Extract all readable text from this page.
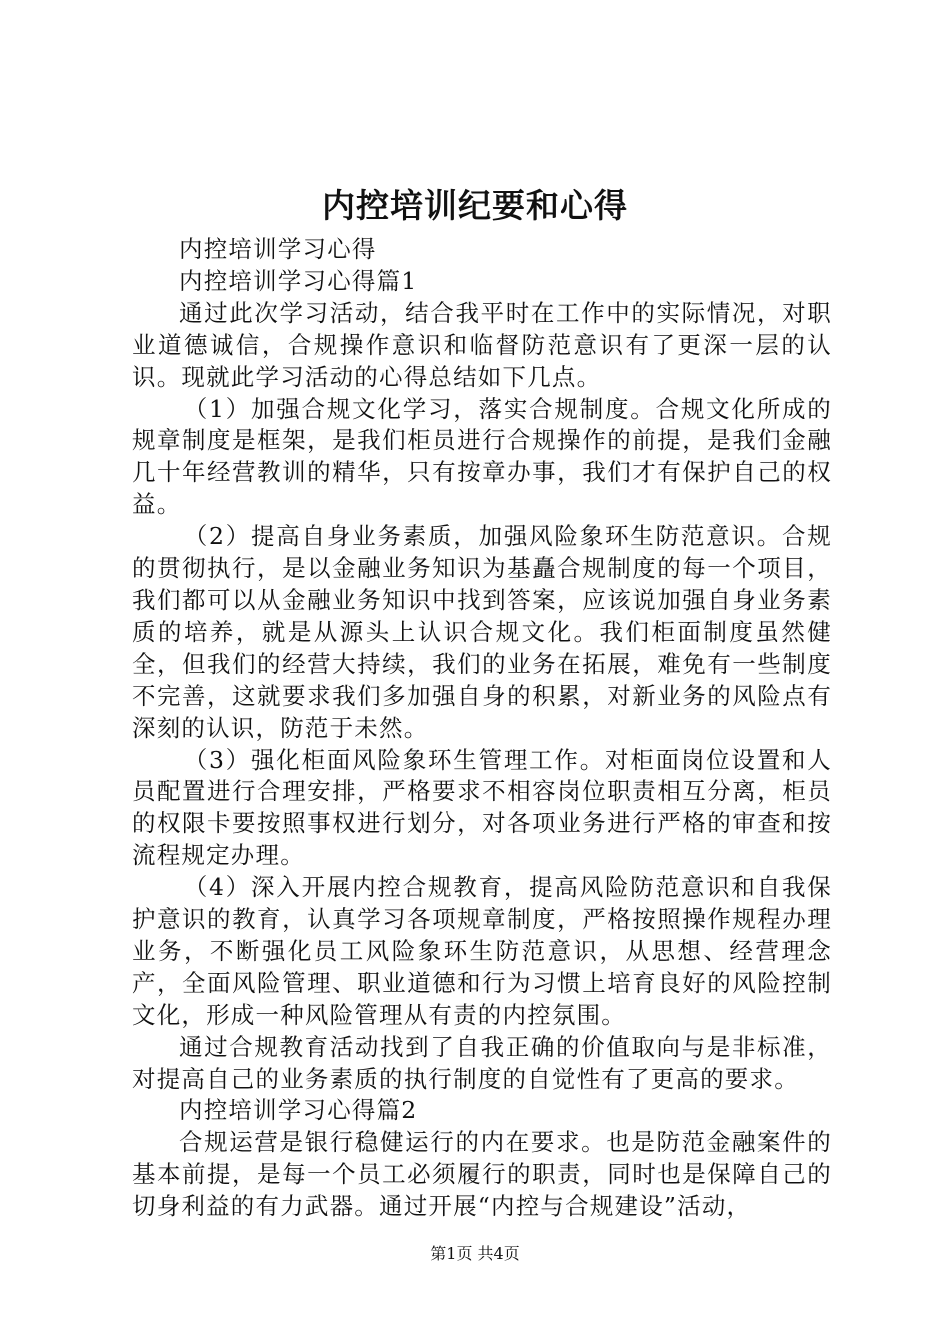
内控培训纪要和心得

内控培训学习心得

内控培训学习心得篇1

通过此次学习活动，结合我平时在工作中的实际情况，对职业道德诚信，合规操作意识和临督防范意识有了更深一层的认识。现就此学习活动的心得总结如下几点。

（1）加强合规文化学习，落实合规制度。合规文化所成的规章制度是框架，是我们柜员进行合规操作的前提，是我们金融几十年经营教训的精华，只有按章办事，我们才有保护自己的权益。

（2）提高自身业务素质，加强风险象环生防范意识。合规的贯彻执行，是以金融业务知识为基矗合规制度的每一个项目，我们都可以从金融业务知识中找到答案，应该说加强自身业务素质的培养，就是从源头上认识合规文化。我们柜面制度虽然健全，但我们的经营大持续，我们的业务在拓展，难免有一些制度不完善，这就要求我们多加强自身的积累，对新业务的风险点有深刻的认识，防范于未然。

（3）强化柜面风险象环生管理工作。对柜面岗位设置和人员配置进行合理安排，严格要求不相容岗位职责相互分离，柜员的权限卡要按照事权进行划分，对各项业务进行严格的审查和按流程规定办理。

（4）深入开展内控合规教育，提高风险防范意识和自我保护意识的教育，认真学习各项规章制度，严格按照操作规程办理业务，不断强化员工风险象环生防范意识，从思想、经营理念产，全面风险管理、职业道德和行为习惯上培育良好的风险控制文化，形成一种风险管理从有责的内控氛围。

通过合规教育活动找到了自我正确的价值取向与是非标准，对提高自己的业务素质的执行制度的自觉性有了更高的要求。

内控培训学习心得篇2

合规运营是银行稳健运行的内在要求。也是防范金融案件的基本前提，是每一个员工必须履行的职责，同时也是保障自己的切身利益的有力武器。通过开展“内控与合规建设”活动，

第1页 共4页
